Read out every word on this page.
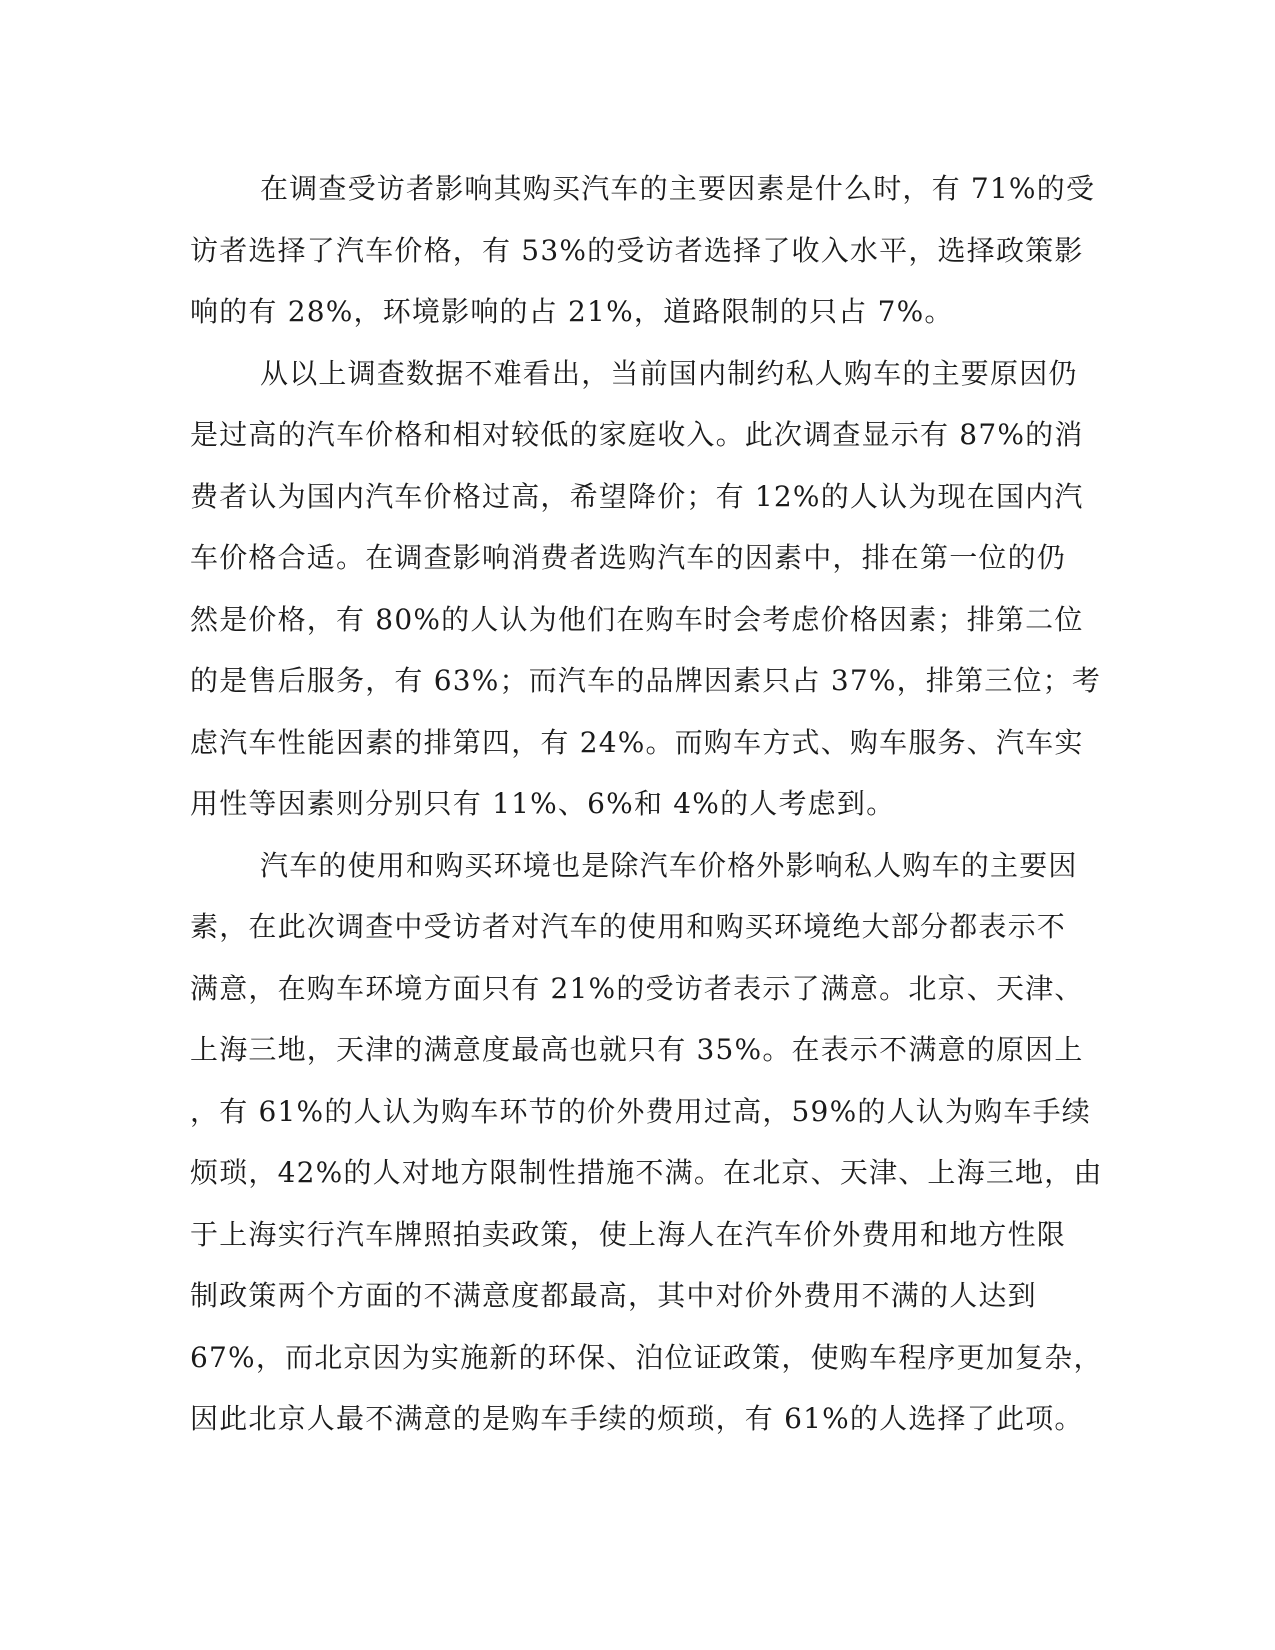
在调查受访者影响其购买汽车的主要因素是什么时，有 71%的受
访者选择了汽车价格，有 53%的受访者选择了收入水平，选择政策影
响的有 28%，环境影响的占 21%，道路限制的只占 7%。
从以上调查数据不难看出，当前国内制约私人购车的主要原因仍
是过高的汽车价格和相对较低的家庭收入。此次调查显示有 87%的消
费者认为国内汽车价格过高，希望降价；有 12%的人认为现在国内汽
车价格合适。在调查影响消费者选购汽车的因素中，排在第一位的仍
然是价格，有 80%的人认为他们在购车时会考虑价格因素；排第二位
的是售后服务，有 63%；而汽车的品牌因素只占 37%，排第三位；考
虑汽车性能因素的排第四，有 24%。而购车方式、购车服务、汽车实
用性等因素则分别只有 11%、6%和 4%的人考虑到。
汽车的使用和购买环境也是除汽车价格外影响私人购车的主要因
素，在此次调查中受访者对汽车的使用和购买环境绝大部分都表示不
满意，在购车环境方面只有 21%的受访者表示了满意。北京、天津、
上海三地，天津的满意度最高也就只有 35%。在表示不满意的原因上
，有 61%的人认为购车环节的价外费用过高，59%的人认为购车手续
烦琐，42%的人对地方限制性措施不满。在北京、天津、上海三地，由
于上海实行汽车牌照拍卖政策，使上海人在汽车价外费用和地方性限
制政策两个方面的不满意度都最高，其中对价外费用不满的人达到
67%，而北京因为实施新的环保、泊位证政策，使购车程序更加复杂，
因此北京人最不满意的是购车手续的烦琐，有 61%的人选择了此项。
